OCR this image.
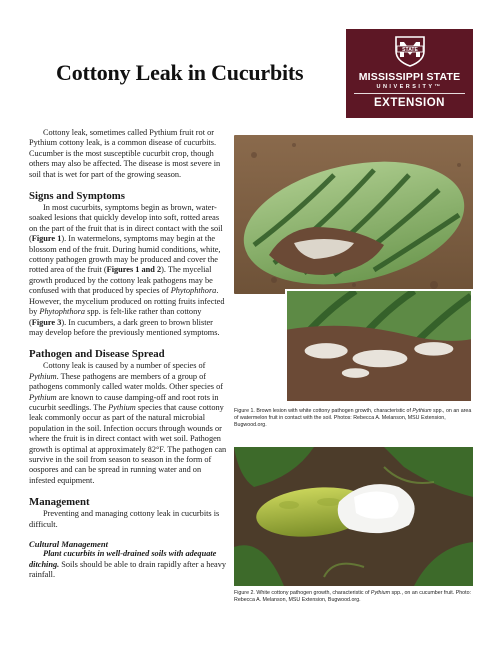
Cottony Leak in Cucurbits
STATE
MISSISSIPPI STATE
UNIVERSITY™
EXTENSION

Cottony leak, sometimes called Pythium fruit rot or Pythium cottony leak, is a common disease of cucurbits. Cucumber is the most susceptible cucurbit crop, though others may also be affected. The disease is most severe in soil that is wet for part of the growing season.

Signs and Symptoms

In most cucurbits, symptoms begin as brown, water-soaked lesions that quickly develop into soft, rotted areas on the part of the fruit that is in direct contact with the soil (Figure 1). In watermelons, symptoms may begin at the blossom end of the fruit. During humid conditions, white, cottony pathogen growth may be produced and cover the rotted area of the fruit (Figures 1 and 2). The mycelial growth produced by the cottony leak pathogens may be confused with that produced by species of Phytophthora. However, the mycelium produced on rotting fruits infected by Phytophthora spp. is felt-like rather than cottony (Figure 3). In cucumbers, a dark green to brown blister may develop before the previously mentioned symptoms.

Pathogen and Disease Spread

Cottony leak is caused by a number of species of Pythium. These pathogens are members of a group of pathogens commonly called water molds. Other species of Pythium are known to cause damping-off and root rots in cucurbit seedlings. The Pythium species that cause cottony leak commonly occur as part of the natural microbial population in the soil. Infection occurs through wounds or where the fruit is in direct contact with wet soil. Pathogen growth is optimal at approximately 82°F. The pathogen can survive in the soil from season to season in the form of oospores and can be spread in running water and on infested equipment.

Management

Preventing and managing cottony leak in cucurbits is difficult.

Cultural Management

Plant cucurbits in well-drained soils with adequate ditching. Soils should be able to drain rapidly after a heavy rainfall.

Figure 1. Brown lesion with white cottony pathogen growth, characteristic of Pythium spp., on an area of watermelon fruit in contact with the soil. Photos: Rebecca A. Melanson, MSU Extension, Bugwood.org.
Figure 2. White cottony pathogen growth, characteristic of Pythium spp., on an cucumber fruit. Photo: Rebecca A. Melanson, MSU Extension, Bugwood.org.
